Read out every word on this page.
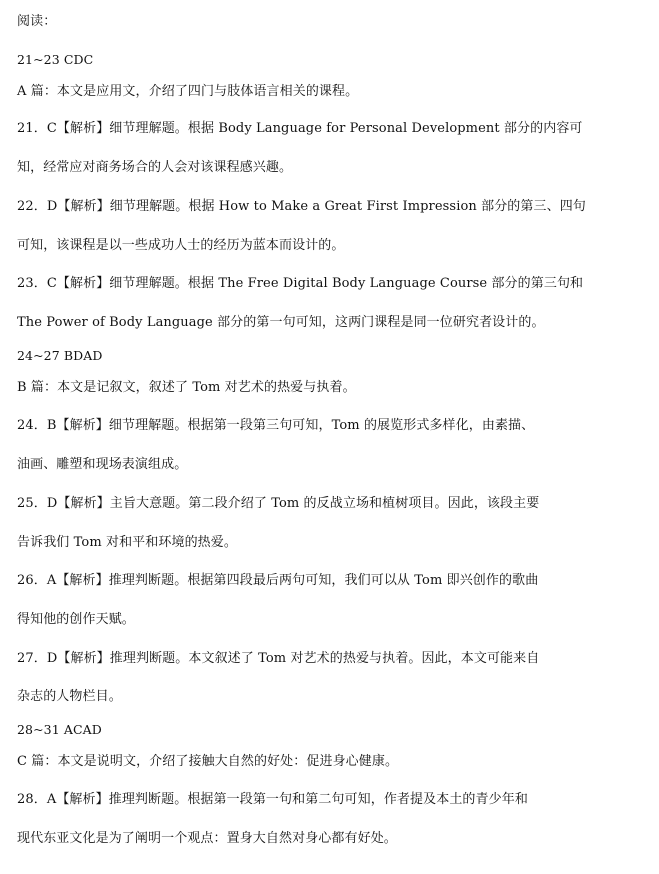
阅读：
21~23 CDC
A 篇：本文是应用文，介绍了四门与肢体语言相关的课程。
21．C【解析】细节理解题。根据 Body Language for Personal Development 部分的内容可
知，经常应对商务场合的人会对该课程感兴趣。
22．D【解析】细节理解题。根据 How to Make a Great First Impression 部分的第三、四句
可知，该课程是以一些成功人士的经历为蓝本而设计的。
23．C【解析】细节理解题。根据 The Free Digital Body Language Course 部分的第三句和
The Power of Body Language 部分的第一句可知，这两门课程是同一位研究者设计的。
24~27 BDAD
B 篇：本文是记叙文，叙述了 Tom 对艺术的热爱与执着。
24．B【解析】细节理解题。根据第一段第三句可知，Tom 的展览形式多样化，由素描、
油画、雕塑和现场表演组成。
25．D【解析】主旨大意题。第二段介绍了 Tom 的反战立场和植树项目。因此，该段主要
告诉我们 Tom 对和平和环境的热爱。
26．A【解析】推理判断题。根据第四段最后两句可知，我们可以从 Tom 即兴创作的歌曲
得知他的创作天赋。
27．D【解析】推理判断题。本文叙述了 Tom 对艺术的热爱与执着。因此，本文可能来自
杂志的人物栏目。
28~31 ACAD
C 篇：本文是说明文，介绍了接触大自然的好处：促进身心健康。
28．A【解析】推理判断题。根据第一段第一句和第二句可知，作者提及本土的青少年和
现代东亚文化是为了阐明一个观点：置身大自然对身心都有好处。
